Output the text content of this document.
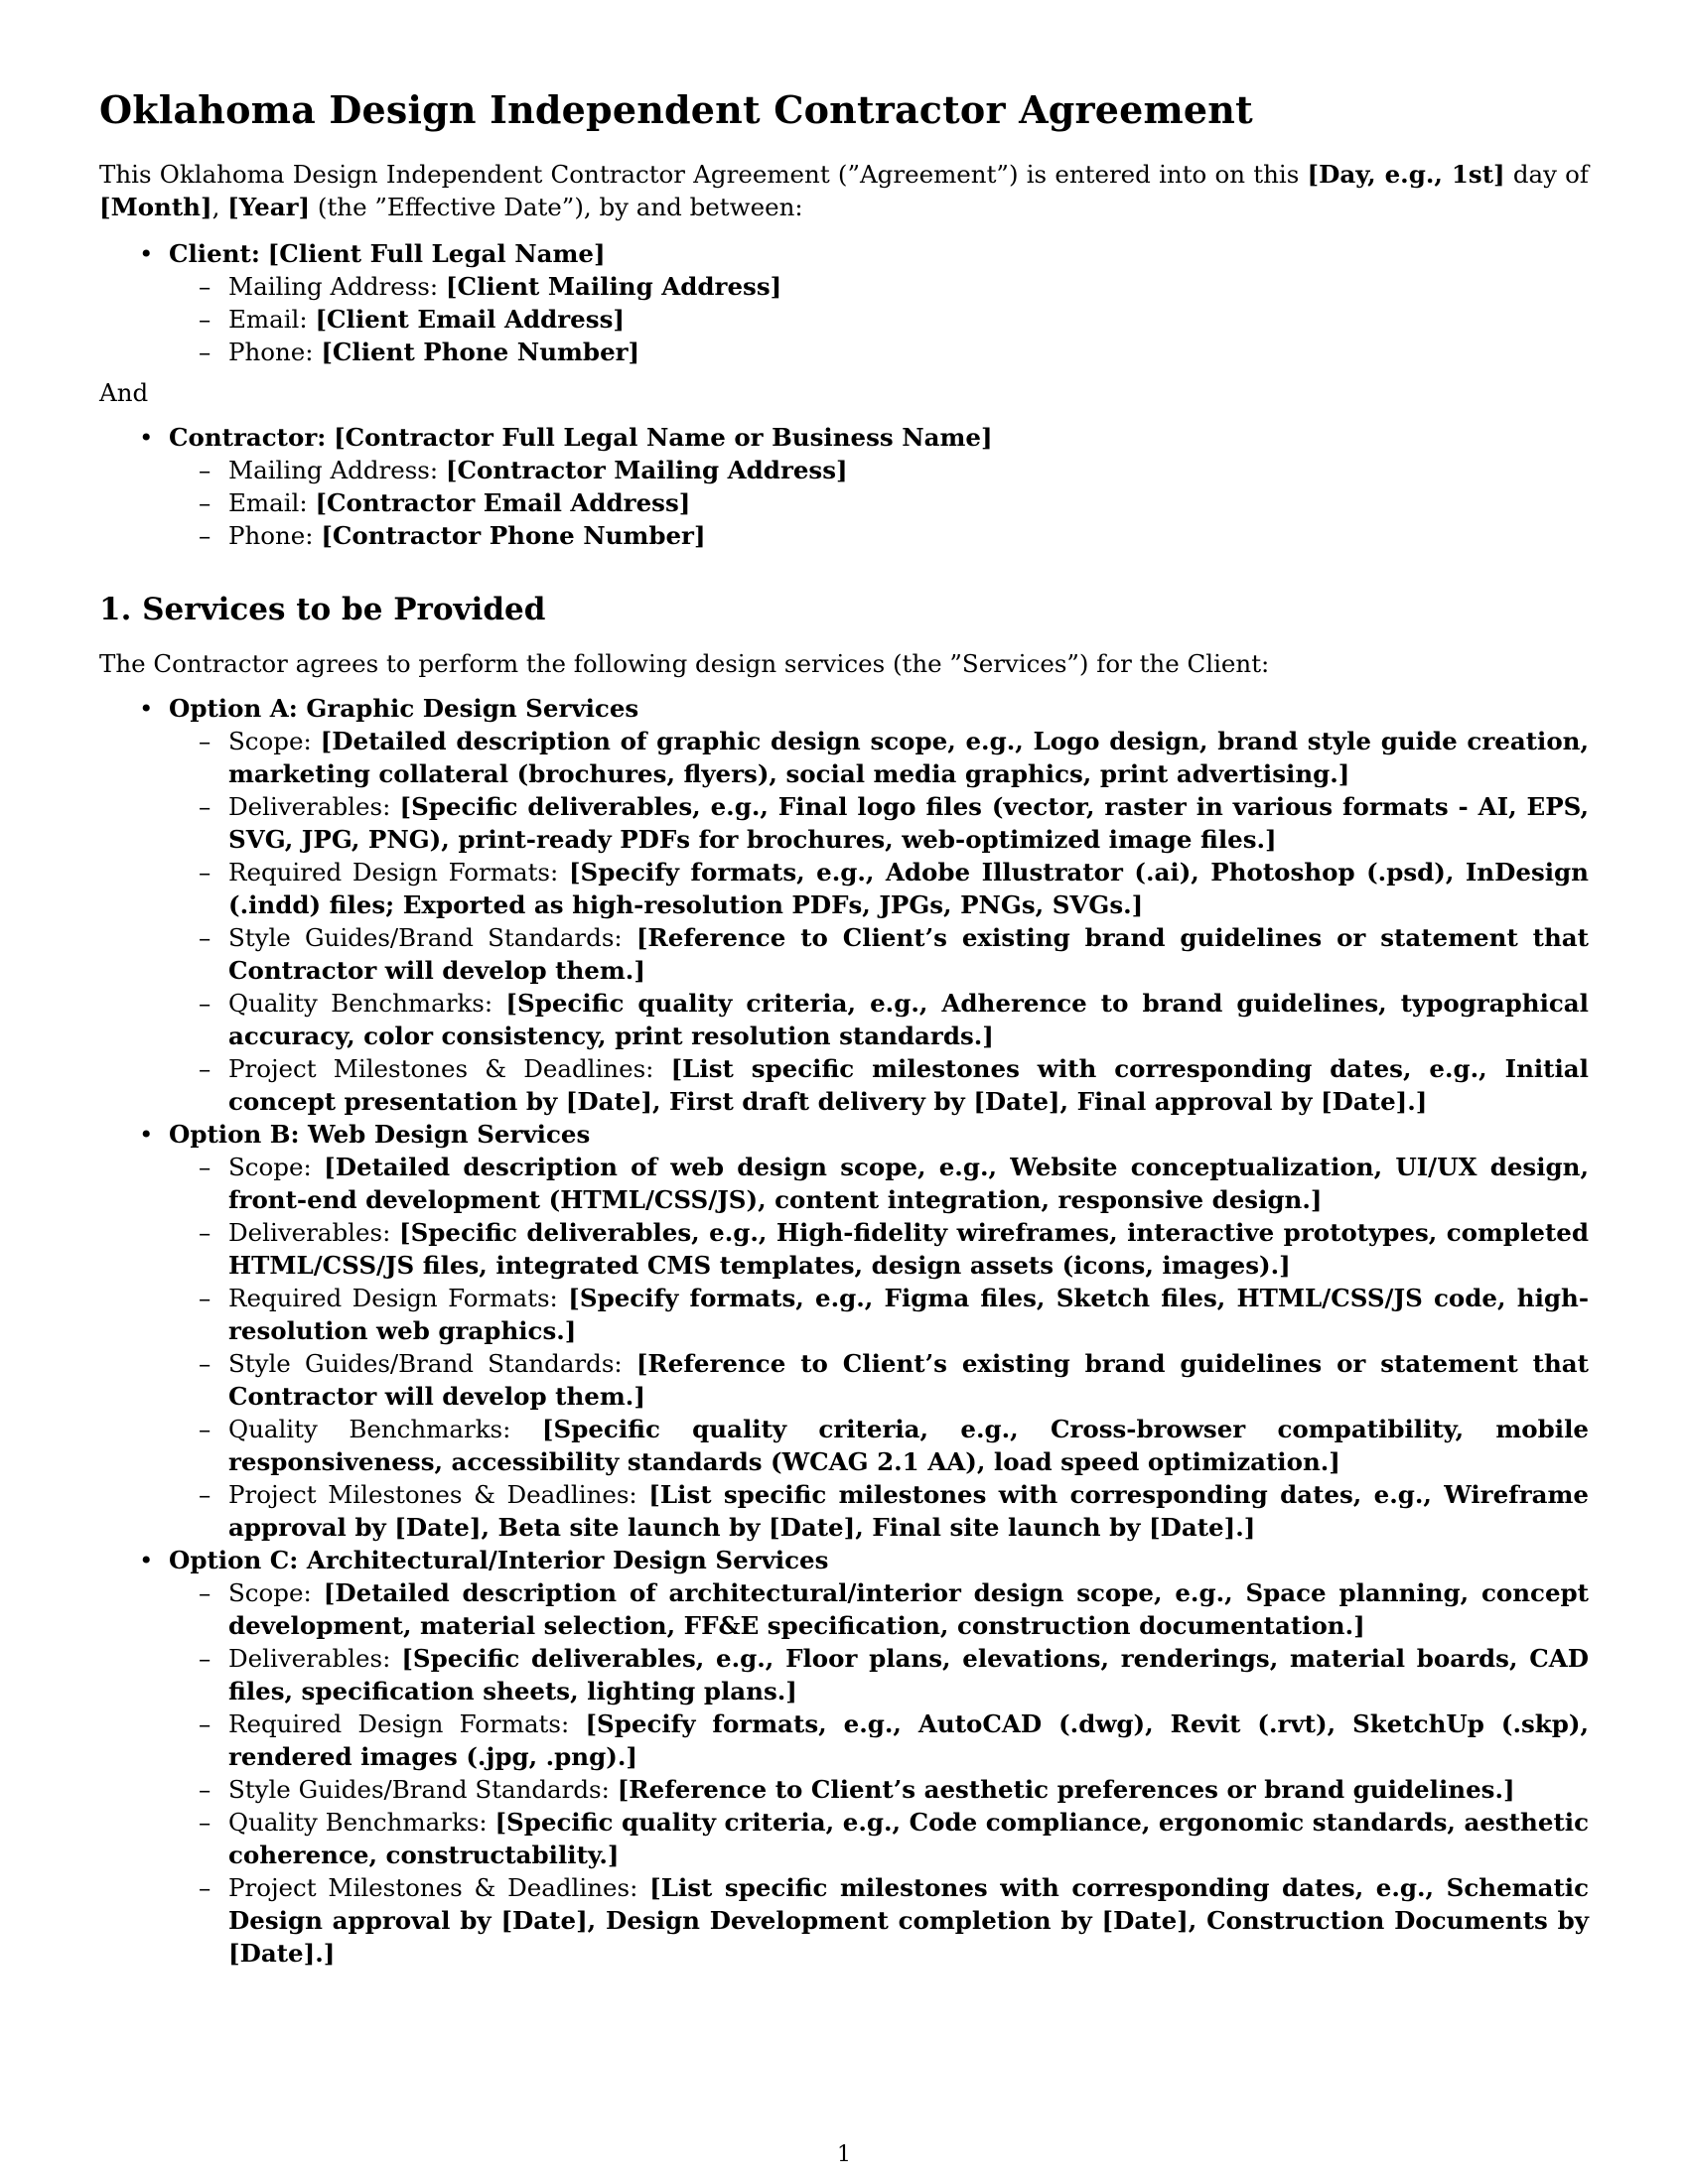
Oklahoma Design Independent Contractor Agreement

This Oklahoma Design Independent Contractor Agreement (”Agreement”) is entered into on this [Day, e.g., 1st] day of [Month], [Year] (the ”Effective Date”), by and between:

• Client: [Client Full Legal Name]
– Mailing Address: [Client Mailing Address]
– Email: [Client Email Address]
– Phone: [Client Phone Number]
And
• Contractor: [Contractor Full Legal Name or Business Name]
– Mailing Address: [Contractor Mailing Address]
– Email: [Contractor Email Address]
– Phone: [Contractor Phone Number]
1. Services to be Provided
The Contractor agrees to perform the following design services (the ”Services”) for the Client:
• Option A: Graphic Design Services
– Scope: [Detailed description of graphic design scope, e.g., Logo design, brand style guide creation, marketing collateral (brochures, flyers), social media graphics, print advertising.]
– Deliverables: [Specific deliverables, e.g., Final logo files (vector, raster in various formats - AI, EPS, SVG, JPG, PNG), print-ready PDFs for brochures, web-optimized image files.]
– Required Design Formats: [Specify formats, e.g., Adobe Illustrator (.ai), Photoshop (.psd), InDesign (.indd) files; Exported as high-resolution PDFs, JPGs, PNGs, SVGs.]
– Style Guides/Brand Standards: [Reference to Client’s existing brand guidelines or statement that Contractor will develop them.]
– Quality Benchmarks: [Specific quality criteria, e.g., Adherence to brand guidelines, typographical accuracy, color consistency, print resolution standards.]
– Project Milestones & Deadlines: [List specific milestones with corresponding dates, e.g., Initial concept presentation by [Date], First draft delivery by [Date], Final approval by [Date].]
• Option B: Web Design Services
– Scope: [Detailed description of web design scope, e.g., Website conceptualization, UI/UX design, front-end development (HTML/CSS/JS), content integration, responsive design.]
– Deliverables: [Specific deliverables, e.g., High-fidelity wireframes, interactive prototypes, completed HTML/CSS/JS files, integrated CMS templates, design assets (icons, images).]
– Required Design Formats: [Specify formats, e.g., Figma files, Sketch files, HTML/CSS/JS code, high-resolution web graphics.]
– Style Guides/Brand Standards: [Reference to Client’s existing brand guidelines or statement that Contractor will develop them.]
– Quality Benchmarks: [Specific quality criteria, e.g., Cross-browser compatibility, mobile responsiveness, accessibility standards (WCAG 2.1 AA), load speed optimization.]
– Project Milestones & Deadlines: [List specific milestones with corresponding dates, e.g., Wireframe approval by [Date], Beta site launch by [Date], Final site launch by [Date].]
• Option C: Architectural/Interior Design Services
– Scope: [Detailed description of architectural/interior design scope, e.g., Space planning, concept development, material selection, FF&E specification, construction documentation.]
– Deliverables: [Specific deliverables, e.g., Floor plans, elevations, renderings, material boards, CAD files, specification sheets, lighting plans.]
– Required Design Formats: [Specify formats, e.g., AutoCAD (.dwg), Revit (.rvt), SketchUp (.skp), rendered images (.jpg, .png).]
– Style Guides/Brand Standards: [Reference to Client’s aesthetic preferences or brand guidelines.]
– Quality Benchmarks: [Specific quality criteria, e.g., Code compliance, ergonomic standards, aesthetic coherence, constructability.]
– Project Milestones & Deadlines: [List specific milestones with corresponding dates, e.g., Schematic Design approval by [Date], Design Development completion by [Date], Construction Documents by [Date].]
1
